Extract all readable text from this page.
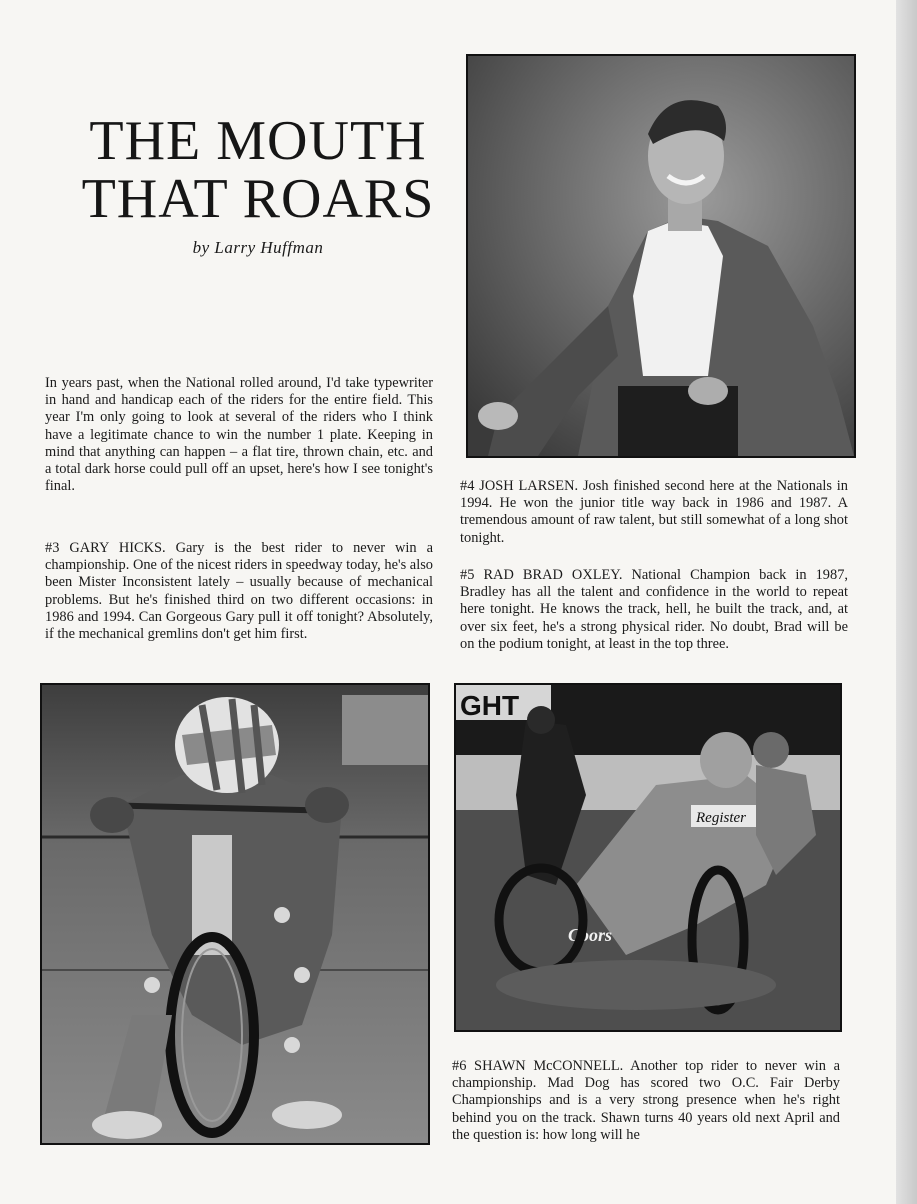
THE MOUTH
THAT ROARS
by Larry Huffman

In years past, when the National rolled around, I'd take typewriter in hand and handicap each of the riders for the entire field. This year I'm only going to look at several of the riders who I think have a legitimate chance to win the number 1 plate. Keeping in mind that anything can happen – a flat tire, thrown chain, etc. and a total dark horse could pull off an upset, here's how I see tonight's final.

#3 GARY HICKS. Gary is the best rider to never win a championship. One of the nicest riders in speedway today, he's also been Mister Inconsistent lately – usually because of mechanical problems. But he's finished third on two different occasions: in 1986 and 1994. Can Gorgeous Gary pull it off tonight? Absolutely, if the mechanical gremlins don't get him first.

#4 JOSH LARSEN. Josh finished second here at the Nationals in 1994. He won the junior title way back in 1986 and 1987. A tremendous amount of raw talent, but still somewhat of a long shot tonight.

#5 RAD BRAD OXLEY. National Champion back in 1987, Bradley has all the talent and confidence in the world to repeat here tonight. He knows the track, hell, he built the track, and, at over six feet, he's a strong physical rider. No doubt, Brad will be on the podium tonight, at least in the top three.

GHT
Register
Coors

#6 SHAWN McCONNELL. Another top rider to never win a championship. Mad Dog has scored two O.C. Fair Derby Championships and is a very strong presence when he's right behind you on the track. Shawn turns 40 years old next April and the question is: how long will he
